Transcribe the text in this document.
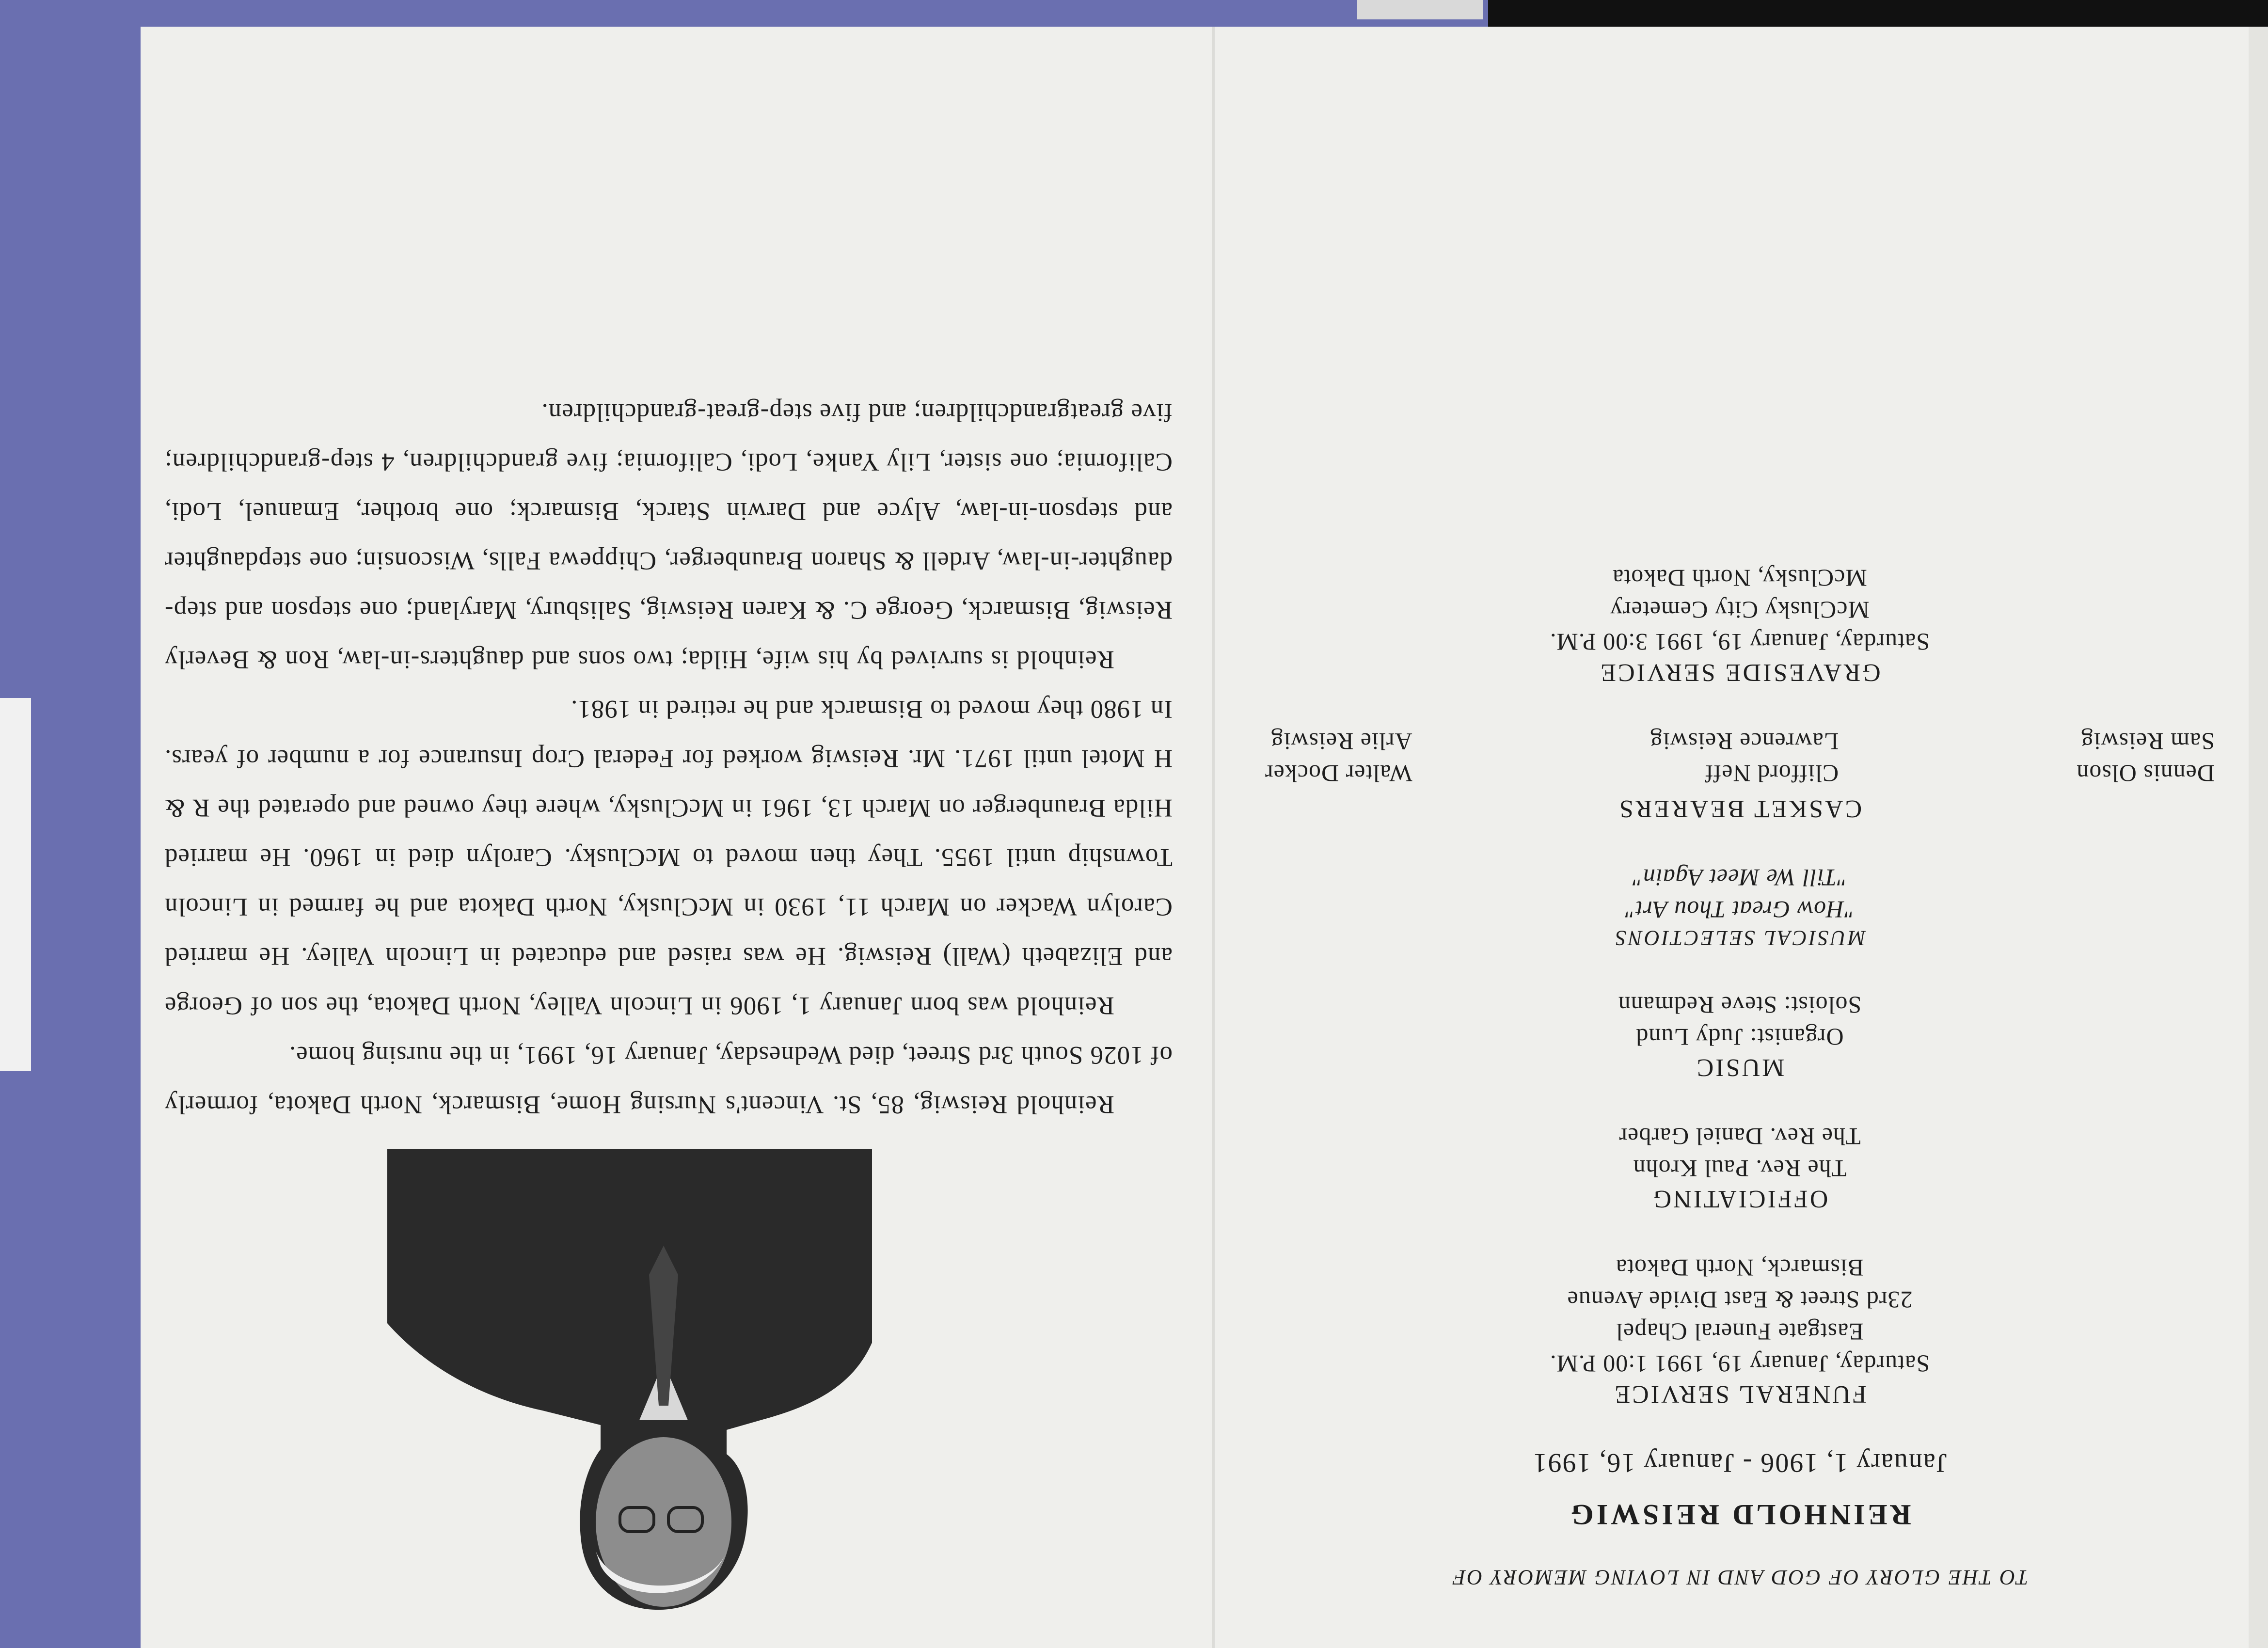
TO THE GLORY OF GOD AND IN LOVING MEMORY OF
REINHOLD REISWIG
January 1, 1906 - January 16, 1991
FUNERAL SERVICE
Saturday, January 19, 1991 1:00 P.M.
Eastgate Funeral Chapel
23rd Street & East Divide Avenue
Bismarck, North Dakota
OFFICIATING
The Rev. Paul Krohn
The Rev. Daniel Garber
MUSIC
Organist: Judy Lund
Soloist: Steve Redmann
MUSICAL SELECTIONS
"How Great Thou Art"
"Till We Meet Again"
CASKET BEARERS
Dennis Olson
Sam Reiswig
Clifford Neff
Lawrence Reiswig
Walter Docker
Arlie Reiswig
GRAVESIDE SERVICE
Saturday, January 19, 1991 3:00 P.M.
McClusky City Cemetery
McClusky, North Dakota

Reinhold Reiswig, 85, St. Vincent's Nursing Home, Bismarck, North Dakota, formerly of 1026 South 3rd Street, died Wednesday, January 16, 1991, in the nursing home.

Reinhold was born January 1, 1906 in Lincoln Valley, North Dakota, the son of George and Elizabeth (Wall) Reiswig. He was raised and educated in Lincoln Valley. He married Carolyn Wacker on March 11, 1930 in McClusky, North Dakota and he farmed in Lincoln Township until 1955. They then moved to McClusky. Carolyn died in 1960. He married Hilda Braunberger on March 13, 1961 in McClusky, where they owned and operated the R & H Motel until 1971. Mr. Reiswig worked for Federal Crop Insurance for a number of years. In 1980 they moved to Bismarck and he retired in 1981.

Reinhold is survived by his wife, Hilda; two sons and daughters-in-law, Ron & Beverly Reiswig, Bismarck, George C. & Karen Reiswig, Salisbury, Maryland; one stepson and step-daughter-in-law, Ardell & Sharon Braunberger, Chippewa Falls, Wisconsin; one stepdaughter and stepson-in-law, Alyce and Darwin Starck, Bismarck; one brother, Emanuel, Lodi, California; one sister, Lily Yanke, Lodi, California; five grandchildren, 4 step-grandchildren; five greatgrandchildren; and five step-great-grandchildren.
